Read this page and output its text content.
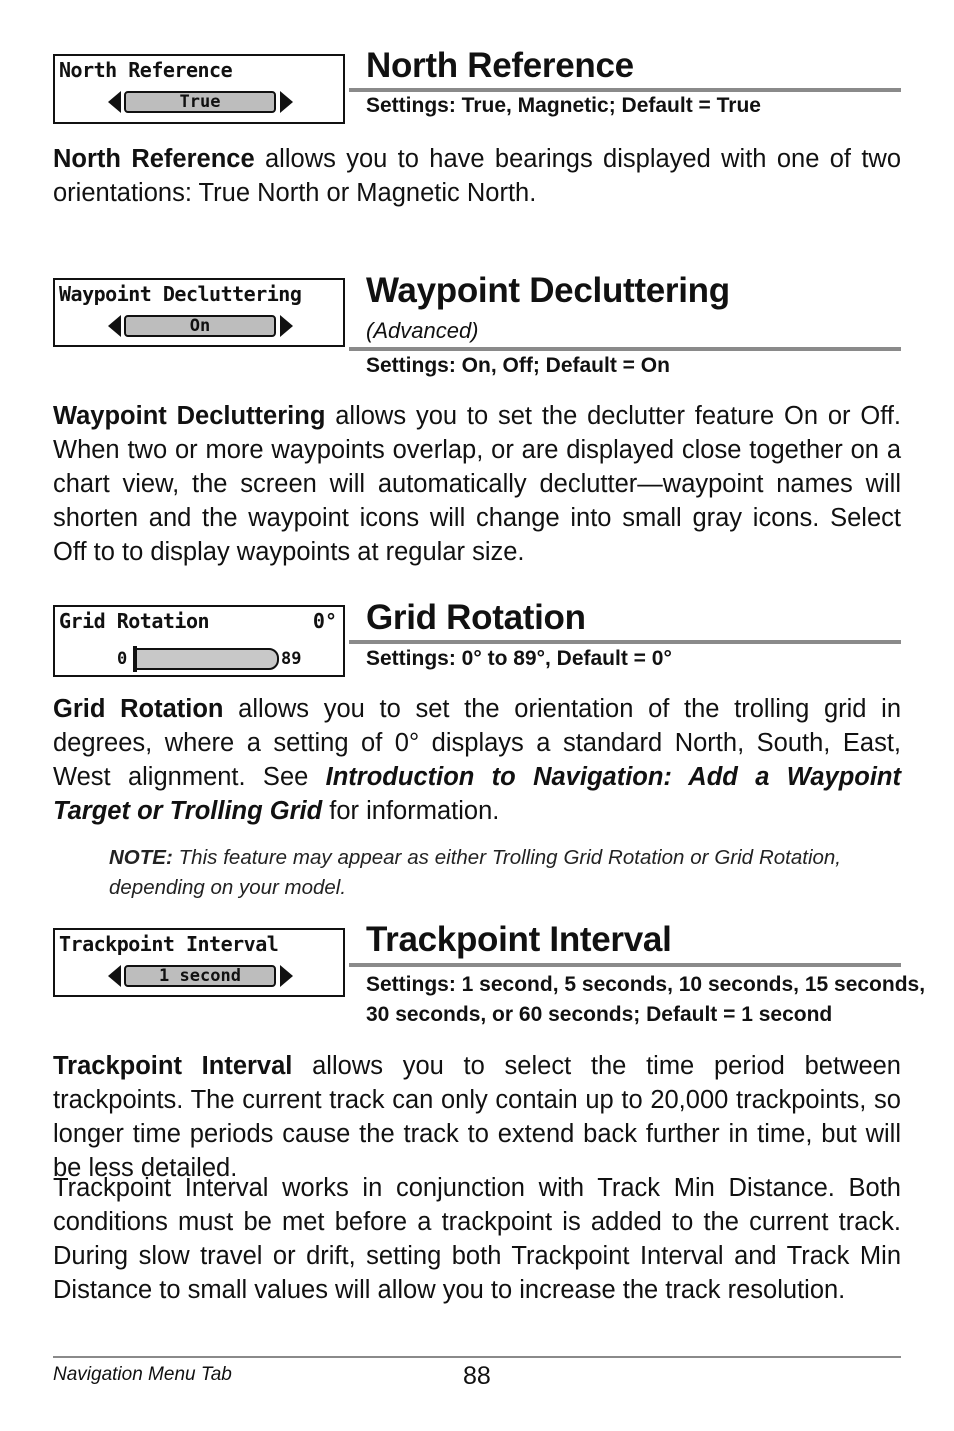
North Reference
True
North Reference
Settings: True, Magnetic; Default = True
North Reference allows you to have bearings displayed with one of two orientations: True North or Magnetic North.
Waypoint Decluttering
On
Waypoint Decluttering
(Advanced)
Settings: On, Off; Default = On
Waypoint Decluttering allows you to set the declutter feature On or Off. When two or more waypoints overlap, or are displayed close together on a chart view, the screen will automatically declutter—waypoint names will shorten and the waypoint icons will change into small gray icons. Select Off to to display waypoints at regular size.
Grid Rotation	0°
0	89
Grid Rotation
Settings: 0° to 89°, Default = 0°
Grid Rotation allows you to set the orientation of the trolling grid in degrees, where a setting of 0° displays a standard North, South, East, West alignment. See Introduction to Navigation: Add a Waypoint Target or Trolling Grid for information.
NOTE: This feature may appear as either Trolling Grid Rotation or Grid Rotation, depending on your model.
Trackpoint Interval
1 second
Trackpoint Interval
Settings: 1 second, 5 seconds, 10 seconds, 15 seconds,
30 seconds, or 60 seconds; Default = 1 second
Trackpoint Interval allows you to select the time period between trackpoints. The current track can only contain up to 20,000 trackpoints, so longer time periods cause the track to extend back further in time, but will be less detailed.
Trackpoint Interval works in conjunction with Track Min Distance. Both conditions must be met before a trackpoint is added to the current track. During slow travel or drift, setting both Trackpoint Interval and Track Min Distance to small values will allow you to increase the track resolution.
Navigation Menu Tab	88
